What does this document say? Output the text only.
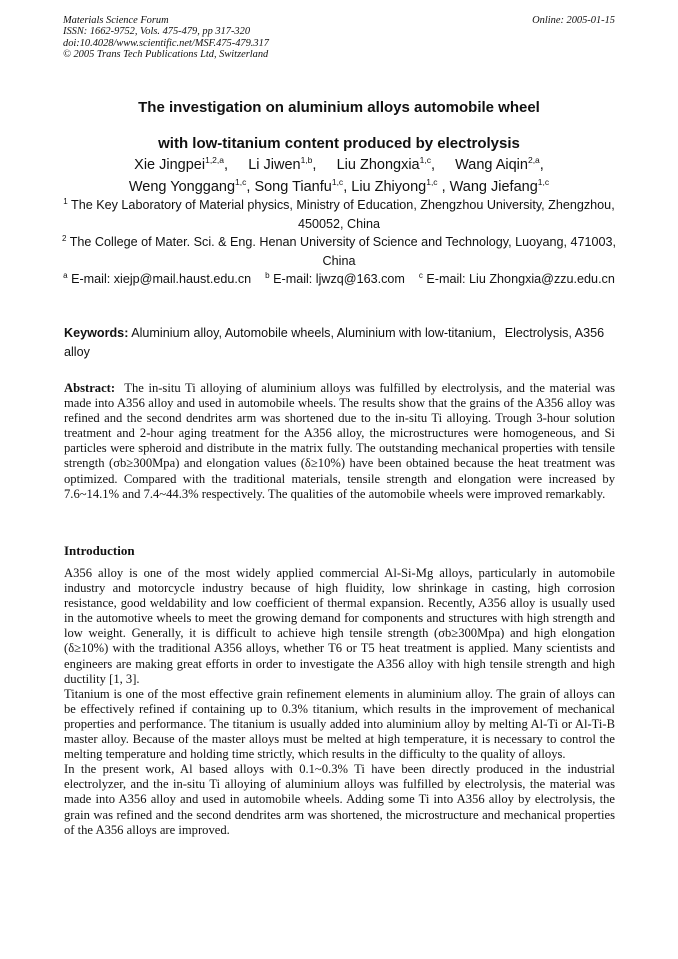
Materials Science Forum
ISSN: 1662-9752, Vols. 475-479, pp 317-320
doi:10.4028/www.scientific.net/MSF.475-479.317
© 2005 Trans Tech Publications Ltd, Switzerland
Online: 2005-01-15
The investigation on aluminium alloys automobile wheel
with low-titanium content produced by electrolysis
Xie Jingpei$^{1,2,a}$,     Li Jiwen$^{1,b}$,     Liu Zhongxia$^{1,c}$,     Wang Aiqin$^{2,a}$,
Weng Yonggang$^{1,c}$, Song Tianfu$^{1,c}$, Liu Zhiyong$^{1,c}$ , Wang Jiefang$^{1,c}$
$^1$ The Key Laboratory of Material physics, Ministry of Education, Zhengzhou University, Zhengzhou, 450052, China
$^2$ The College of Mater. Sci. & Eng. Henan University of Science and Technology, Luoyang, 471003, China
$^a$ E-mail: xiejp@mail.haust.edu.cn $^b$ E-mail: ljwzq@163.com $^c$ E-mail: Liu Zhongxia@zzu.edu.cn
Keywords: Aluminium alloy, Automobile wheels, Aluminium with low-titanium，Electrolysis, A356 alloy
Abstract: The in-situ Ti alloying of aluminium alloys was fulfilled by electrolysis, and the material was made into A356 alloy and used in automobile wheels. The results show that the grains of the A356 alloy was refined and the second dendrites arm was shortened due to the in-situ Ti alloying. Trough 3-hour solution treatment and 2-hour aging treatment for the A356 alloy, the microstructures were homogeneous, and Si particles were spheroid and distribute in the matrix fully. The outstanding mechanical properties with tensile strength (σb≥300Mpa) and elongation values (δ≥10%) have been obtained because the heat treatment was optimized. Compared with the traditional materials, tensile strength and elongation were increased by 7.6~14.1% and 7.4~44.3% respectively. The qualities of the automobile wheels were improved remarkably.
Introduction

A356 alloy is one of the most widely applied commercial Al-Si-Mg alloys, particularly in automobile industry and motorcycle industry because of high fluidity, low shrinkage in casting, high corrosion resistance, good weldability and low coefficient of thermal expansion. Recently, A356 alloy is usually used in the automotive wheels to meet the growing demand for components and structures with high strength and low weight. Generally, it is difficult to achieve high tensile strength (σb≥300Mpa) and high elongation (δ≥10%) with the traditional A356 alloys, whether T6 or T5 heat treatment is applied. Many scientists and engineers are making great efforts in order to investigate the A356 alloy with high tensile strength and high ductility [1, 3].

Titanium is one of the most effective grain refinement elements in aluminium alloy. The grain of alloys can be effectively refined if containing up to 0.3% titanium, which results in the improvement of mechanical properties and performance. The titanium is usually added into aluminium alloy by melting Al-Ti or Al-Ti-B master alloy. Because of the master alloys must be melted at high temperature, it is necessary to control the melting temperature and holding time strictly, which results in the difficulty to the quality of alloys.

In the present work, Al based alloys with 0.1~0.3% Ti have been directly produced in the industrial electrolyzer, and the in-situ Ti alloying of aluminium alloys was fulfilled by electrolysis, the material was made into A356 alloy and used in automobile wheels. Adding some Ti into A356 alloy by electrolysis, the grain was refined and the second dendrites arm was shortened, the microstructure and mechanical properties of the A356 alloys are improved.
